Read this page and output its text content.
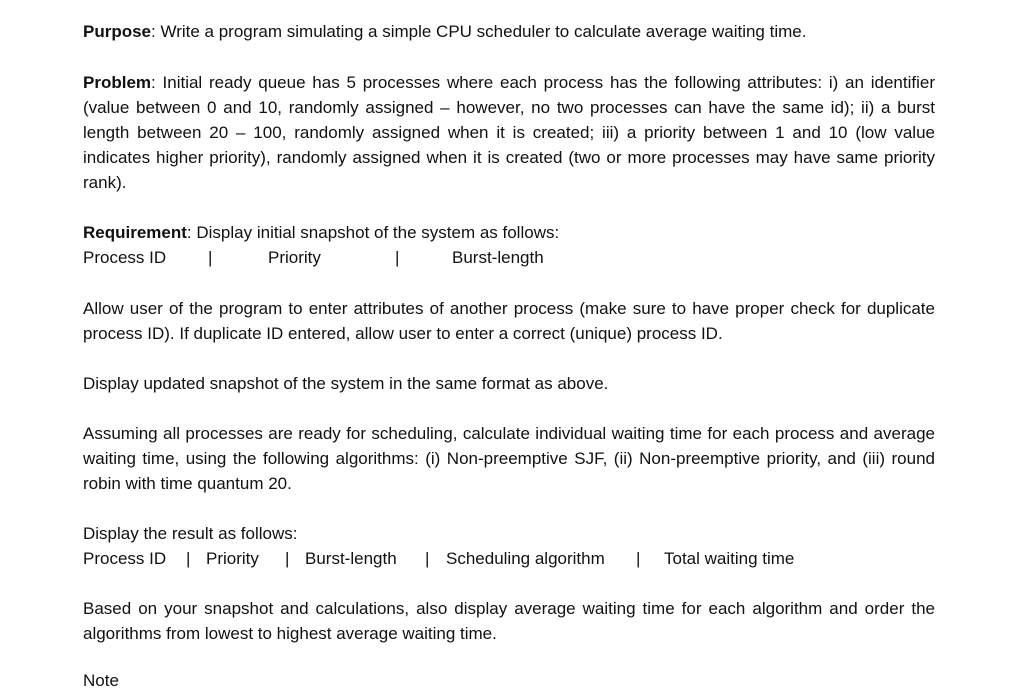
Purpose: Write a program simulating a simple CPU scheduler to calculate average waiting time.

Problem: Initial ready queue has 5 processes where each process has the following attributes: i) an identifier (value between 0 and 10, randomly assigned – however, no two processes can have the same id); ii) a burst length between 20 – 100, randomly assigned when it is created; iii) a priority between 1 and 10 (low value indicates higher priority), randomly assigned when it is created (two or more processes may have same priority rank).

Requirement: Display initial snapshot of the system as follows:

Process ID |	Priority	|	Burst-length

Allow user of the program to enter attributes of another process (make sure to have proper check for duplicate process ID). If duplicate ID entered, allow user to enter a correct (unique) process ID.

Display updated snapshot of the system in the same format as above.

Assuming all processes are ready for scheduling, calculate individual waiting time for each process and average waiting time, using the following algorithms: (i) Non-preemptive SJF, (ii) Non-preemptive priority, and (iii) round robin with time quantum 20.

Display the result as follows:

Process ID | Priority | Burst-length | Scheduling algorithm | Total waiting time

Based on your snapshot and calculations, also display average waiting time for each algorithm and order the algorithms from lowest to highest average waiting time.

Note
